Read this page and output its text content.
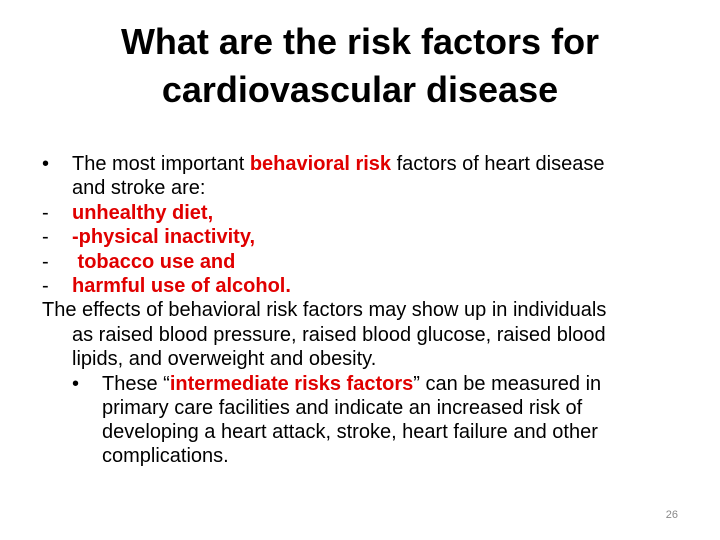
What are the risk factors for
cardiovascular disease
• The most important behavioral risk factors of heart disease
and stroke are:
- unhealthy diet,
- -physical inactivity,
- tobacco use and
- harmful use of alcohol.
The effects of behavioral risk factors may show up in individuals
as raised blood pressure, raised blood glucose, raised blood
lipids, and overweight and obesity.
• These “intermediate risks factors” can be measured in
primary care facilities and indicate an increased risk of
developing a heart attack, stroke, heart failure and other
complications.
26
